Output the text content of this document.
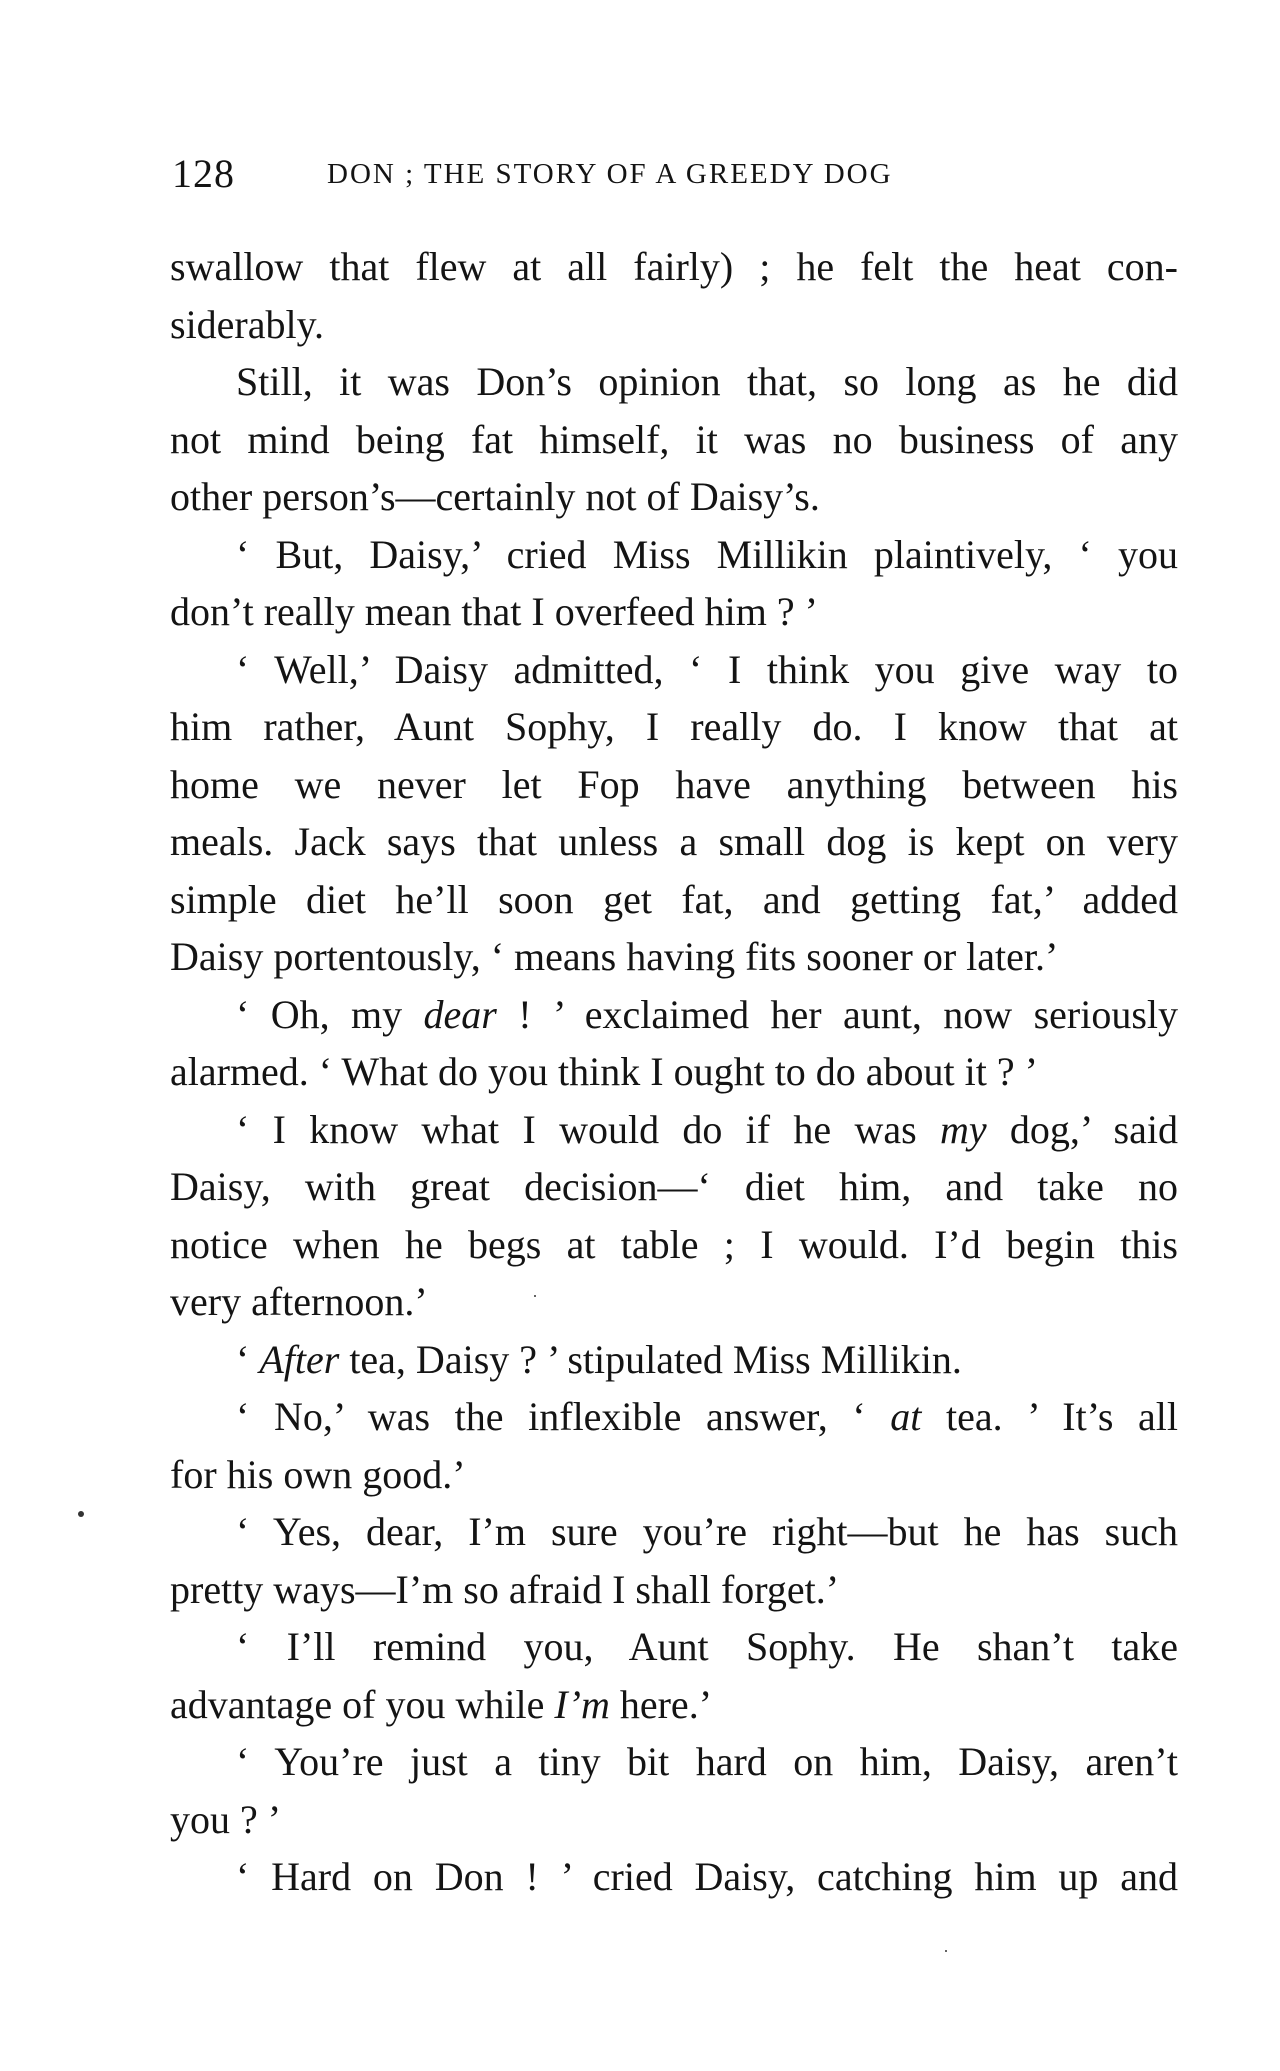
128	DON ; THE STORY OF A GREEDY DOG
swallow that flew at all fairly) ; he felt the heat con-
siderably.
Still, it was Don’s opinion that, so long as he did
not mind being fat himself, it was no business of any
other person’s—certainly not of Daisy’s.
‘ But, Daisy,’ cried Miss Millikin plaintively, ‘ you
don’t really mean that I overfeed him ? ’
‘ Well,’ Daisy admitted, ‘ I think you give way to
him rather, Aunt Sophy, I really do. I know that at
home we never let Fop have anything between his
meals. Jack says that unless a small dog is kept on very
simple diet he’ll soon get fat, and getting fat,’ added
Daisy portentously, ‘ means having fits sooner or later.’
‘ Oh, my dear ! ’ exclaimed her aunt, now seriously
alarmed. ‘ What do you think I ought to do about it ? ’
‘ I know what I would do if he was my dog,’ said
Daisy, with great decision—‘ diet him, and take no
notice when he begs at table ; I would. I’d begin this
very afternoon.’
‘ After tea, Daisy ? ’ stipulated Miss Millikin.
‘ No,’ was the inflexible answer, ‘ at tea. ’ It’s all
for his own good.’
‘ Yes, dear, I’m sure you’re right—but he has such
pretty ways—I’m so afraid I shall forget.’
‘ I’ll remind you, Aunt Sophy. He shan’t take
advantage of you while I’m here.’
‘ You’re just a tiny bit hard on him, Daisy, aren’t
you ? ’
‘ Hard on Don ! ’ cried Daisy, catching him up and
